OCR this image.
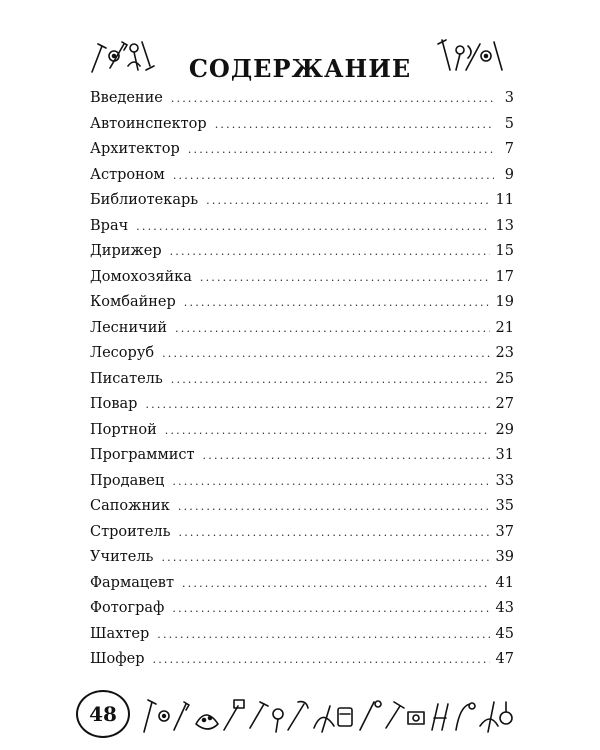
СОДЕРЖАНИЕ
Введение .....	3
Автоинспектор .....	5
Архитектор .....	7
Астроном .....	9
Библиотекарь .....	11
Врач .....	13
Дирижер .....	15
Домохозяйка .....	17
Комбайнер .....	19
Лесничий .....	21
Лесоруб .....	23
Писатель .....	25
Повар .....	27
Портной .....	29
Программист .....	31
Продавец .....	33
Сапожник .....	35
Строитель .....	37
Учитель .....	39
Фармацевт .....	41
Фотограф .....	43
Шахтер .....	45
Шофер .....	47
48
